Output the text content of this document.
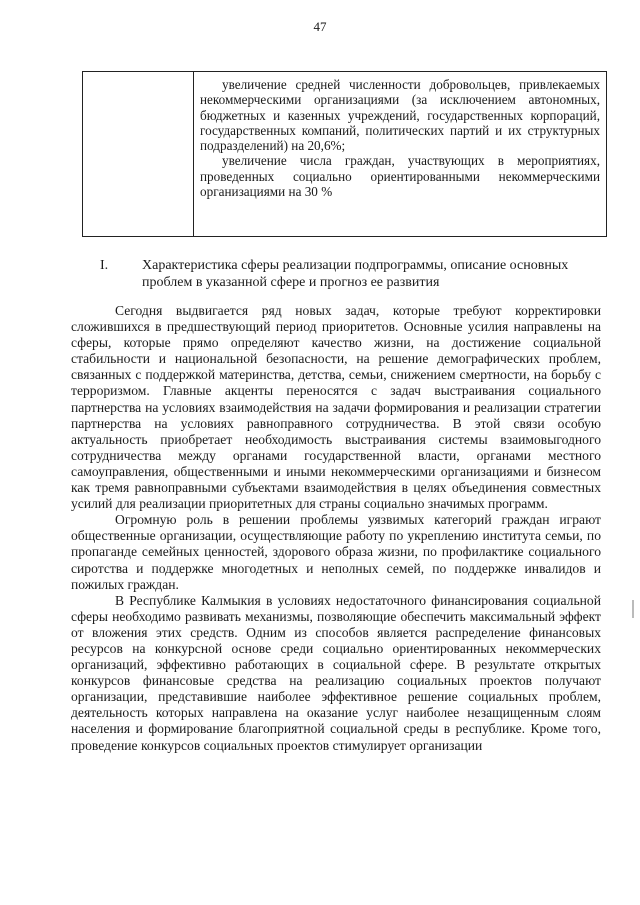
47

увеличение средней численности добровольцев, привлекаемых некоммерческими организациями (за исключением автономных, бюджетных и казенных учреждений, государственных корпораций, государственных компаний, политических партий и их структурных подразделений) на 20,6%;

увеличение числа граждан, участвующих в мероприятиях, проведенных социально ориентированными некоммерческими организациями на 30 %

I. Характеристика сферы реализации подпрограммы, описание основных проблем в указанной сфере и прогноз ее развития

Сегодня выдвигается ряд новых задач, которые требуют корректировки сложившихся в предшествующий период приоритетов. Основные усилия направлены на сферы, которые прямо определяют качество жизни, на достижение социальной стабильности и национальной безопасности, на решение демографических проблем, связанных с поддержкой материнства, детства, семьи, снижением смертности, на борьбу с терроризмом. Главные акценты переносятся с задач выстраивания социального партнерства на условиях взаимодействия на задачи формирования и реализации стратегии партнерства на условиях равноправного сотрудничества. В этой связи особую актуальность приобретает необходимость выстраивания системы взаимовыгодного сотрудничества между органами государственной власти, органами местного самоуправления, общественными и иными некоммерческими организациями и бизнесом как тремя равноправными субъектами взаимодействия в целях объединения совместных усилий для реализации приоритетных для страны социально значимых программ.

Огромную роль в решении проблемы уязвимых категорий граждан играют общественные организации, осуществляющие работу по укреплению института семьи, по пропаганде семейных ценностей, здорового образа жизни, по профилактике социального сиротства и поддержке многодетных и неполных семей, по поддержке инвалидов и пожилых граждан.

В Республике Калмыкия в условиях недостаточного финансирования социальной сферы необходимо развивать механизмы, позволяющие обеспечить максимальный эффект от вложения этих средств. Одним из способов является распределение финансовых ресурсов на конкурсной основе среди социально ориентированных некоммерческих организаций, эффективно работающих в социальной сфере. В результате открытых конкурсов финансовые средства на реализацию социальных проектов получают организации, представившие наиболее эффективное решение социальных проблем, деятельность которых направлена на оказание услуг наиболее незащищенным слоям населения и формирование благоприятной социальной среды в республике. Кроме того, проведение конкурсов социальных проектов стимулирует организации
